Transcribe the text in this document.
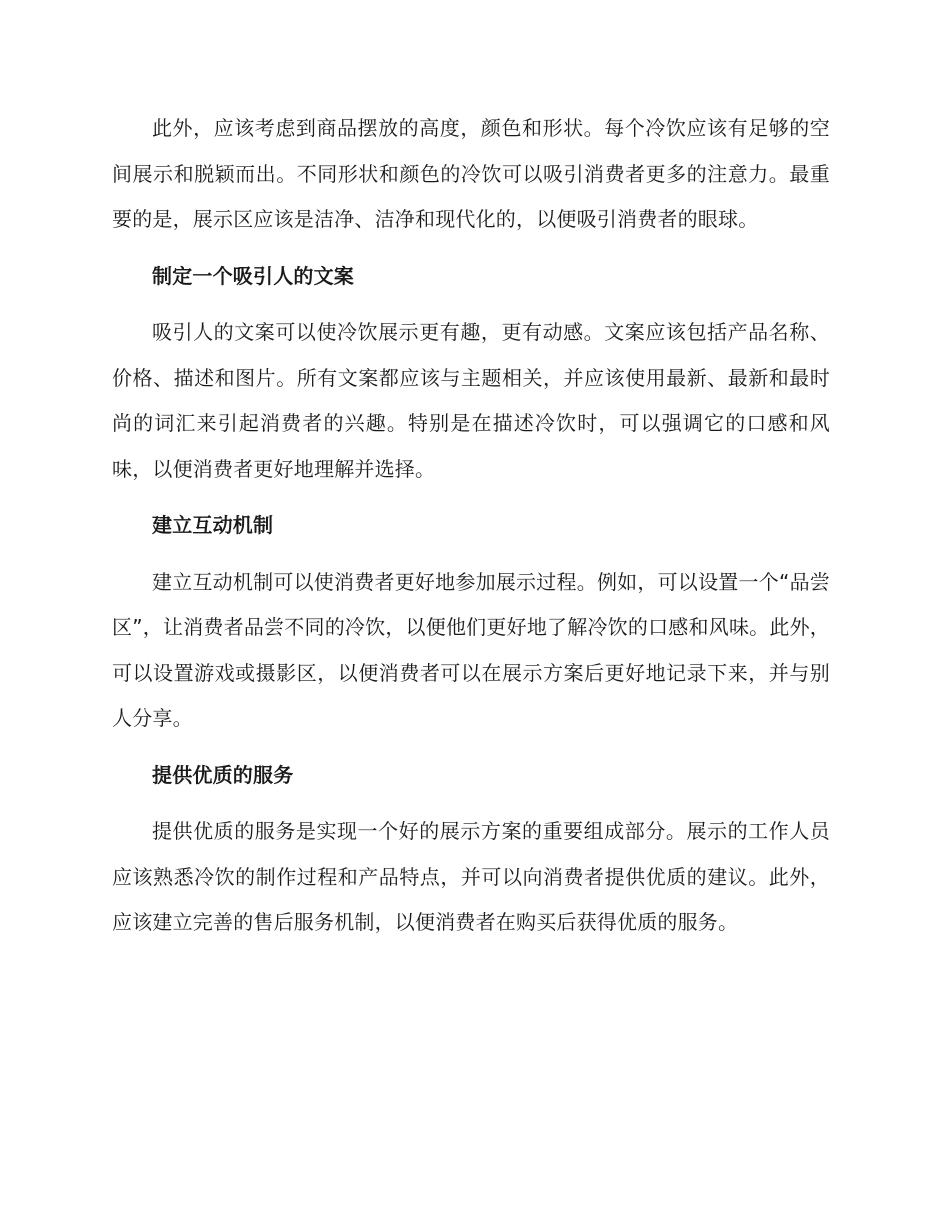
此外，应该考虑到商品摆放的高度，颜色和形状。每个冷饮应该有足够的空间展示和脱颖而出。不同形状和颜色的冷饮可以吸引消费者更多的注意力。最重要的是，展示区应该是洁净、洁净和现代化的，以便吸引消费者的眼球。

制定一个吸引人的文案

吸引人的文案可以使冷饮展示更有趣，更有动感。文案应该包括产品名称、价格、描述和图片。所有文案都应该与主题相关，并应该使用最新、最新和最时尚的词汇来引起消费者的兴趣。特别是在描述冷饮时，可以强调它的口感和风味，以便消费者更好地理解并选择。

建立互动机制

建立互动机制可以使消费者更好地参加展示过程。例如，可以设置一个“品尝区”，让消费者品尝不同的冷饮，以便他们更好地了解冷饮的口感和风味。此外，可以设置游戏或摄影区，以便消费者可以在展示方案后更好地记录下来，并与别人分享。

提供优质的服务

提供优质的服务是实现一个好的展示方案的重要组成部分。展示的工作人员应该熟悉冷饮的制作过程和产品特点，并可以向消费者提供优质的建议。此外，应该建立完善的售后服务机制，以便消费者在购买后获得优质的服务。
